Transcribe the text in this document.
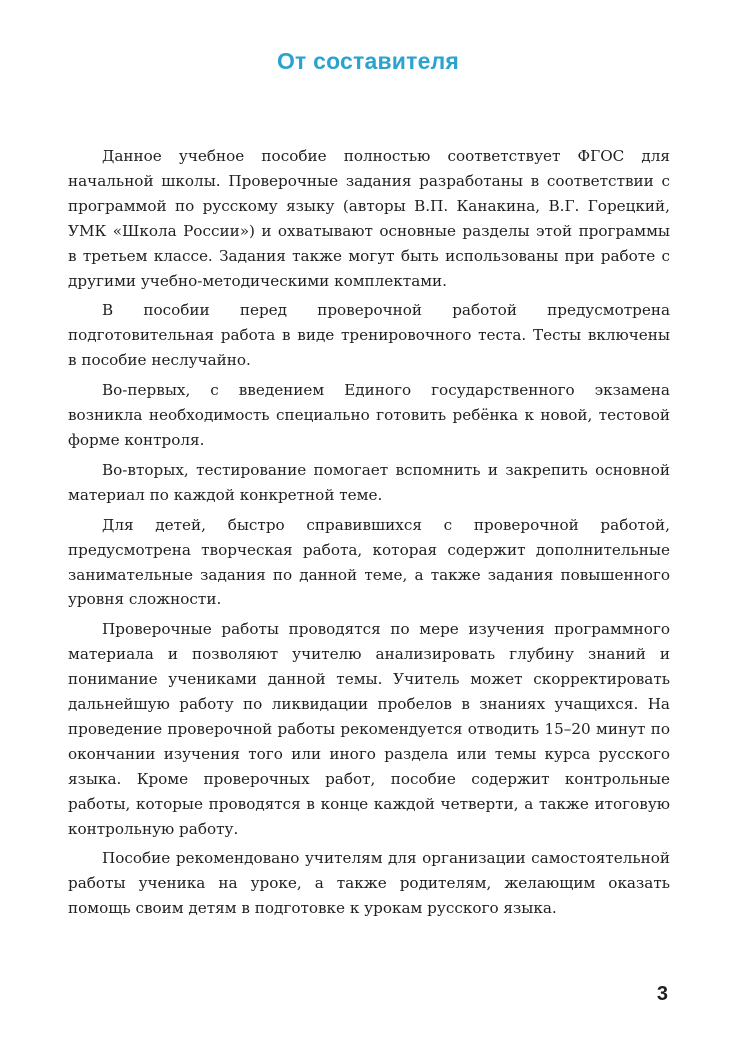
От составителя

Данное учебное пособие полностью соответствует ФГОС для начальной школы. Проверочные задания разработаны в соответствии с программой по русскому языку (авторы В.П. Канакина, В.Г. Горецкий, УМК «Школа России») и охватывают основные разделы этой программы в третьем классе. Задания также могут быть использованы при работе с другими учебно-методическими комплектами.

В пособии перед проверочной работой предусмотрена подготовительная работа в виде тренировочного теста. Тесты включены в пособие неслучайно.

Во-первых, с введением Единого государственного экзамена возникла необходимость специально готовить ребёнка к новой, тестовой форме контроля.

Во-вторых, тестирование помогает вспомнить и закрепить основной материал по каждой конкретной теме.

Для детей, быстро справившихся с проверочной работой, предусмотрена творческая работа, которая содержит дополнительные занимательные задания по данной теме, а также задания повышенного уровня сложности.

Проверочные работы проводятся по мере изучения программного материала и позволяют учителю анализировать глубину знаний и понимание учениками данной темы. Учитель может скорректировать дальнейшую работу по ликвидации пробелов в знаниях учащихся. На проведение проверочной работы рекомендуется отводить 15–20 минут по окончании изучения того или иного раздела или темы курса русского языка. Кроме проверочных работ, пособие содержит контрольные работы, которые проводятся в конце каждой четверти, а также итоговую контрольную работу.

Пособие рекомендовано учителям для организации самостоятельной работы ученика на уроке, а также родителям, желающим оказать помощь своим детям в подготовке к урокам русского языка.

3
